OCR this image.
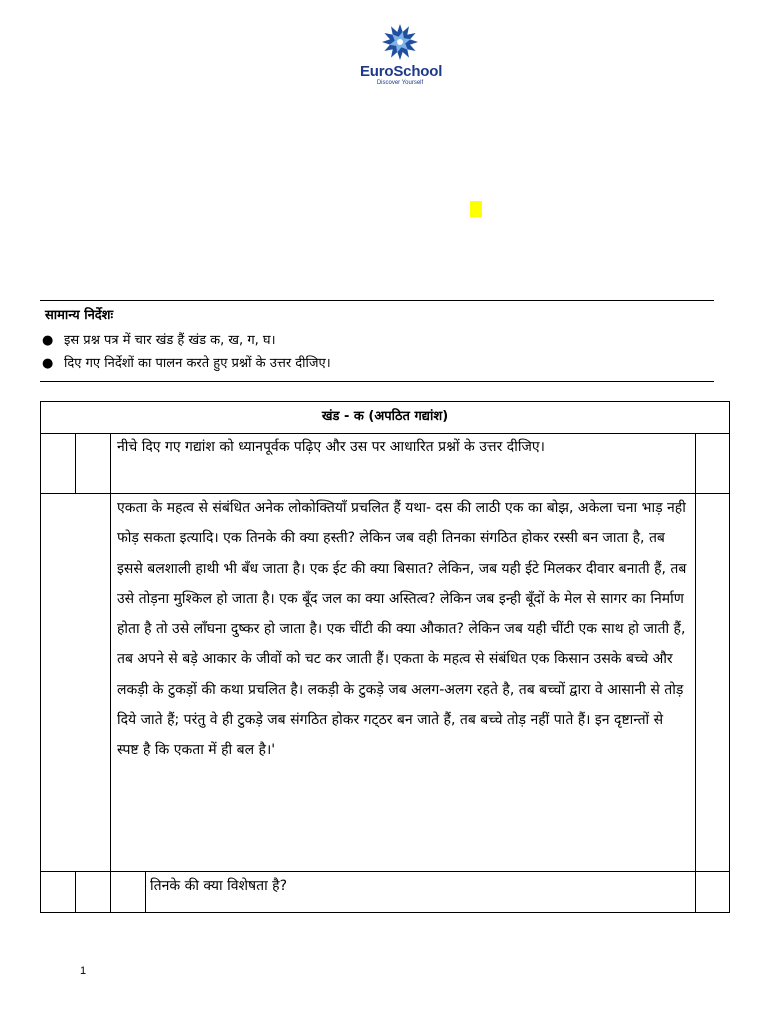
EuroSchool
Discover Yourself
सामान्य निर्देशः
● इस प्रश्न पत्र में चार खंड हैं खंड क, ख, ग, घ।
● दिए गए निर्देशों का पालन करते हुए प्रश्नों के उत्तर दीजिए।
खंड - क (अपठित गद्यांश)

नीचे दिए गए गद्यांश को ध्यानपूर्वक पढ़िए और उस पर आधारित प्रश्नों के उत्तर दीजिए।

एकता के महत्व से संबंधित अनेक लोकोक्तियाँ प्रचलित हैं यथा- दस की लाठी एक का बोझ, अकेला चना भाड़ नही फोड़ सकता इत्यादि। एक तिनके की क्या हस्ती? लेकिन जब वही तिनका संगठित होकर रस्सी बन जाता है, तब इससे बलशाली हाथी भी बँध जाता है। एक ईट की क्या बिसात? लेकिन, जब यही ईटे मिलकर दीवार बनाती हैं, तब उसे तोड़ना मुश्किल हो जाता है। एक बूँद जल का क्या अस्तित्व? लेकिन जब इन्ही बूँदों के मेल से सागर का निर्माण होता है तो उसे लाँघना दुष्कर हो जाता है। एक चींटी की क्या औकात? लेकिन जब यही चींटी एक साथ हो जाती हैं, तब अपने से बड़े आकार के जीवों को चट कर जाती हैं। एकता के महत्व से संबंधित एक किसान उसके बच्चे और लकड़ी के टुकड़ों की कथा प्रचलित है। लकड़ी के टुकड़े जब अलग-अलग रहते है, तब बच्चों द्वारा वे आसानी से तोड़ दिये जाते हैं; परंतु वे ही टुकड़े जब संगठित होकर गट्‌ठर बन जाते हैं, तब बच्चे तोड़ नहीं पाते हैं। इन दृष्टान्तों से स्पष्ट है कि एकता में ही बल है।'

तिनके की क्या विशेषता है?

1
